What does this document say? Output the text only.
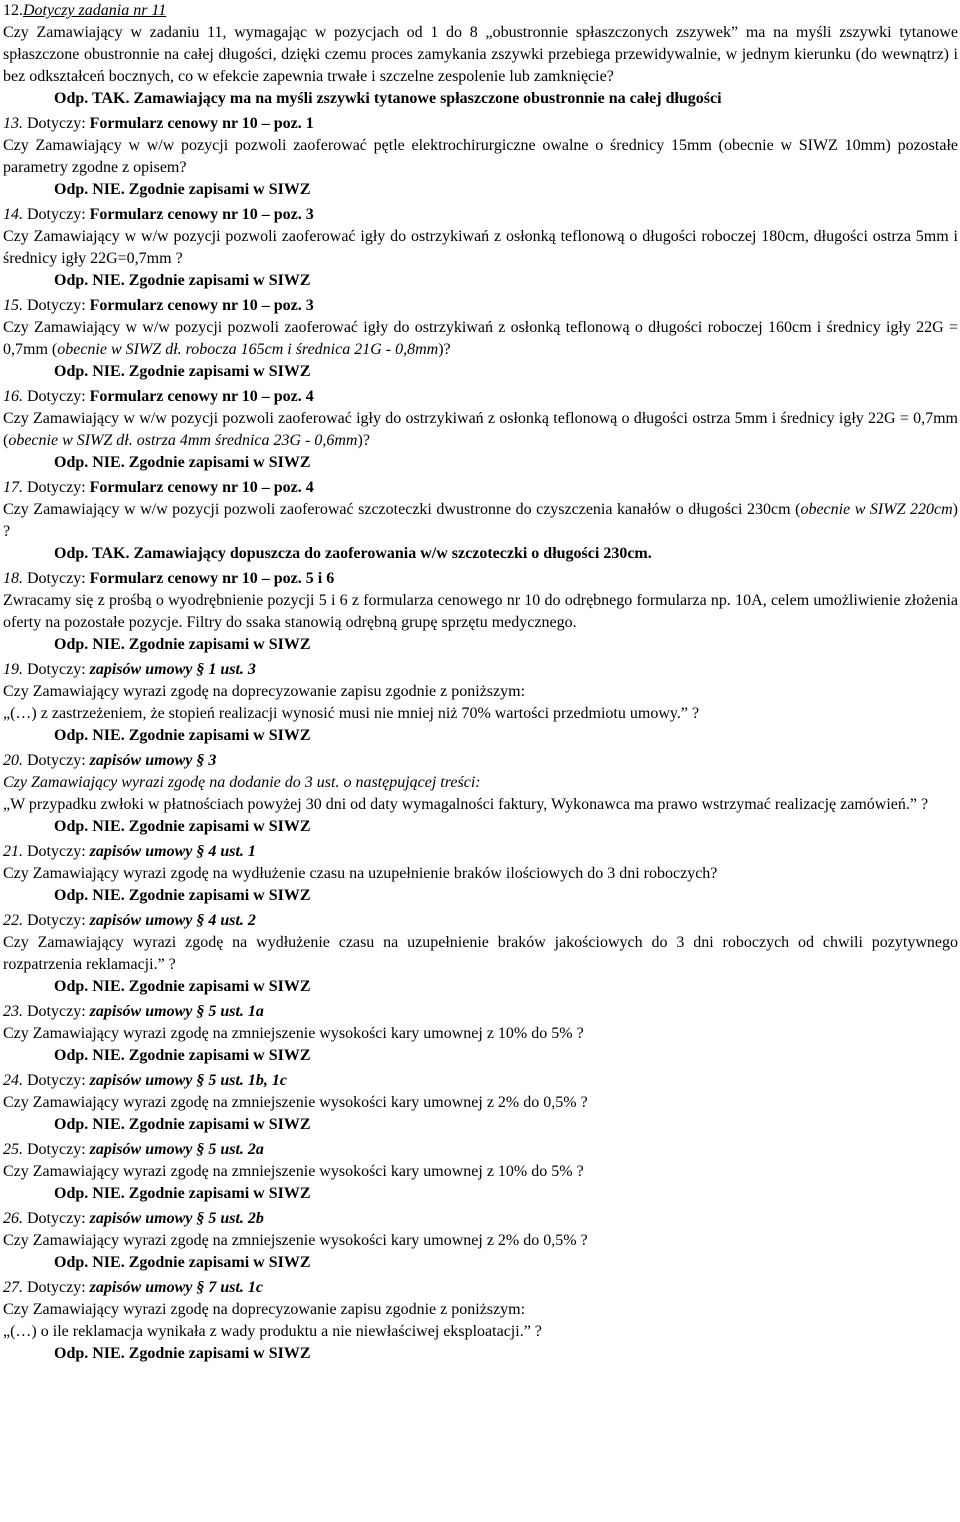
12.Dotyczy zadania nr 11
Czy Zamawiający w zadaniu 11, wymagając w pozycjach od 1 do 8 „obustronnie spłaszczonych zszywek” ma na myśli zszywki tytanowe spłaszczone obustronnie na całej długości, dzięki czemu proces zamykania zszywki przebiega przewidywalnie, w jednym kierunku (do wewnątrz) i bez odkształceń bocznych, co w efekcie zapewnia trwałe i szczelne zespolenie lub zamknięcie?
Odp. TAK. Zamawiający ma na myśli zszywki tytanowe spłaszczone obustronnie na całej długości
13. Dotyczy: Formularz cenowy nr 10 – poz. 1
Czy Zamawiający w w/w pozycji pozwoli zaoferować pętle elektrochirurgiczne owalne o średnicy 15mm (obecnie w SIWZ 10mm) pozostałe parametry zgodne z opisem?
Odp. NIE. Zgodnie zapisami w SIWZ
14. Dotyczy: Formularz cenowy nr 10 – poz. 3
Czy Zamawiający w w/w pozycji pozwoli zaoferować igły do ostrzykiwań z osłonką teflonową o długości roboczej 180cm, długości ostrza 5mm i średnicy igły 22G=0,7mm ?
Odp. NIE. Zgodnie zapisami w SIWZ
15. Dotyczy: Formularz cenowy nr 10 – poz. 3
Czy Zamawiający w w/w pozycji pozwoli zaoferować igły do ostrzykiwań z osłonką teflonową o długości roboczej 160cm i średnicy igły 22G = 0,7mm (obecnie w SIWZ dł. robocza 165cm i średnica 21G - 0,8mm)?
Odp. NIE. Zgodnie zapisami w SIWZ
16. Dotyczy: Formularz cenowy nr 10 – poz. 4
Czy Zamawiający w w/w pozycji pozwoli zaoferować igły do ostrzykiwań z osłonką teflonową o długości ostrza 5mm i średnicy igły 22G = 0,7mm (obecnie w SIWZ dł. ostrza 4mm średnica 23G - 0,6mm)?
Odp. NIE. Zgodnie zapisami w SIWZ
17. Dotyczy: Formularz cenowy nr 10 – poz. 4
Czy Zamawiający w w/w pozycji pozwoli zaoferować szczoteczki dwustronne do czyszczenia kanałów o długości 230cm (obecnie w SIWZ 220cm) ?
Odp. TAK. Zamawiający dopuszcza do zaoferowania w/w szczoteczki o długości 230cm.
18. Dotyczy: Formularz cenowy nr 10 – poz. 5 i 6
Zwracamy się z prośbą o wyodrębnienie pozycji 5 i 6 z formularza cenowego nr 10 do odrębnego formularza np. 10A, celem umożliwienie złożenia oferty na pozostałe pozycje. Filtry do ssaka stanowią odrębną grupę sprzętu medycznego.
Odp. NIE. Zgodnie zapisami w SIWZ
19. Dotyczy: zapisów umowy § 1 ust. 3
Czy Zamawiający wyrazi zgodę na doprecyzowanie zapisu zgodnie z poniższym:
„(…) z zastrzeżeniem, że stopień realizacji wynosić musi nie mniej niż 70% wartości przedmiotu umowy.” ?
Odp. NIE. Zgodnie zapisami w SIWZ
20. Dotyczy: zapisów umowy § 3
Czy Zamawiający wyrazi zgodę na dodanie do 3 ust. o następującej treści:
„W przypadku zwłoki w płatnościach powyżej 30 dni od daty wymagalności faktury, Wykonawca ma prawo wstrzymać realizację zamówień.” ?
Odp. NIE. Zgodnie zapisami w SIWZ
21. Dotyczy: zapisów umowy § 4 ust. 1
Czy Zamawiający wyrazi zgodę na wydłużenie czasu na uzupełnienie braków ilościowych do 3 dni roboczych?
Odp. NIE. Zgodnie zapisami w SIWZ
22. Dotyczy: zapisów umowy § 4 ust. 2
Czy Zamawiający wyrazi zgodę na wydłużenie czasu na uzupełnienie braków jakościowych do 3 dni roboczych od chwili pozytywnego rozpatrzenia reklamacji.” ?
Odp. NIE. Zgodnie zapisami w SIWZ
23. Dotyczy: zapisów umowy § 5 ust. 1a
Czy Zamawiający wyrazi zgodę na zmniejszenie wysokości kary umownej z 10% do 5% ?
Odp. NIE. Zgodnie zapisami w SIWZ
24. Dotyczy: zapisów umowy § 5 ust. 1b, 1c
Czy Zamawiający wyrazi zgodę na zmniejszenie wysokości kary umownej z 2% do 0,5% ?
Odp. NIE. Zgodnie zapisami w SIWZ
25. Dotyczy: zapisów umowy § 5 ust. 2a
Czy Zamawiający wyrazi zgodę na zmniejszenie wysokości kary umownej z 10% do 5% ?
Odp. NIE. Zgodnie zapisami w SIWZ
26. Dotyczy: zapisów umowy § 5 ust. 2b
Czy Zamawiający wyrazi zgodę na zmniejszenie wysokości kary umownej z 2% do 0,5% ?
Odp. NIE. Zgodnie zapisami w SIWZ
27. Dotyczy: zapisów umowy § 7 ust. 1c
Czy Zamawiający wyrazi zgodę na doprecyzowanie zapisu zgodnie z poniższym:
„(…) o ile reklamacja wynikała z wady produktu a nie niewłaściwej eksploatacji.” ?
Odp. NIE. Zgodnie zapisami w SIWZ
